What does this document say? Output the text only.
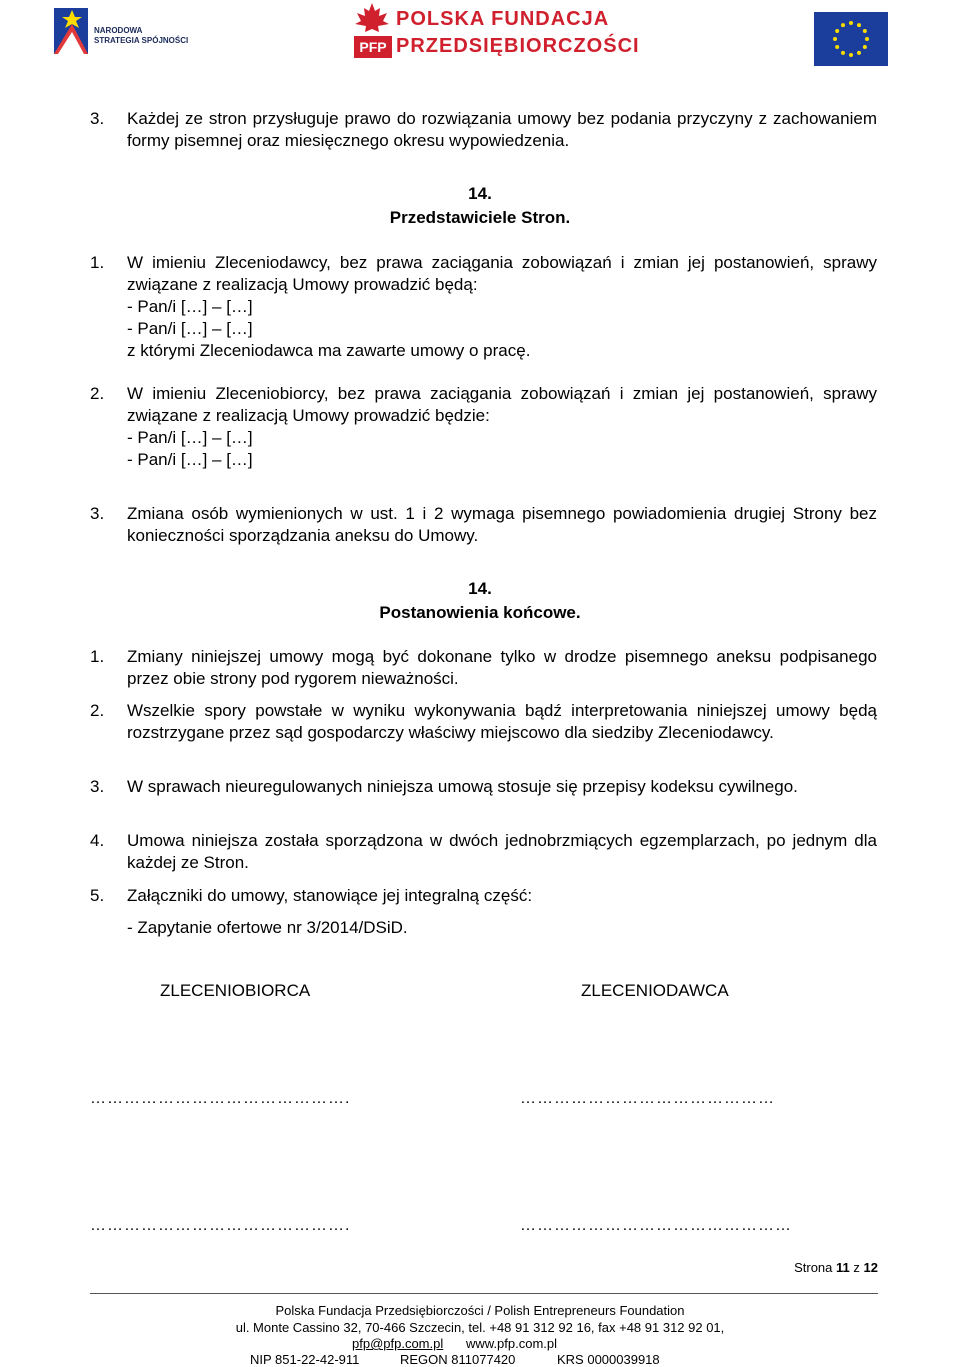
NARODOWA
STRATEGIA SPÓJNOŚCI	PFP
POLSKA FUNDACJA
PRZEDSIĘBIORCZOŚCI
3. Każdej ze stron przysługuje prawo do rozwiązania umowy bez podania przyczyny z zachowaniem formy pisemnej oraz miesięcznego okresu wypowiedzenia.
14.
Przedstawiciele Stron.
1. W imieniu Zleceniodawcy, bez prawa zaciągania zobowiązań i zmian jej postanowień, sprawy związane z realizacją Umowy prowadzić będą:
- Pan/i […] – […]
- Pan/i […] – […]
z którymi Zleceniodawca ma zawarte umowy o pracę.
2. W imieniu Zleceniobiorcy, bez prawa zaciągania zobowiązań i zmian jej postanowień, sprawy związane z realizacją Umowy prowadzić będzie:
- Pan/i […] – […]
- Pan/i […] – […]
3. Zmiana osób wymienionych w ust. 1 i 2 wymaga pisemnego powiadomienia drugiej Strony bez konieczności sporządzania aneksu do Umowy.
14.
Postanowienia końcowe.
1. Zmiany niniejszej umowy mogą być dokonane tylko w drodze pisemnego aneksu podpisanego przez obie strony pod rygorem nieważności.
2. Wszelkie spory powstałe w wyniku wykonywania bądź interpretowania niniejszej umowy będą rozstrzygane przez sąd gospodarczy właściwy miejscowo dla siedziby Zleceniodawcy.
3. W sprawach nieuregulowanych niniejsza umową stosuje się przepisy kodeksu cywilnego.
4. Umowa niniejsza została sporządzona w dwóch jednobrzmiących egzemplarzach, po jednym dla każdej ze Stron.
5. Załączniki do umowy, stanowiące jej integralną część:
- Zapytanie ofertowe nr 3/2014/DSiD.
ZLECENIOBIORCA	ZLECENIODAWCA
……………………………………….	………………………………………
……………………………………….	…………………………………………
Strona 11 z 12
Polska Fundacja Przedsiębiorczości / Polish Entrepreneurs Foundation
ul. Monte Cassino 32, 70-466 Szczecin, tel. +48 91 312 92 16, fax +48 91 312 92 01,
pfp@pfp.com.pl www.pfp.com.pl
NIP 851-22-42-911	REGON 811077420	KRS 0000039918
